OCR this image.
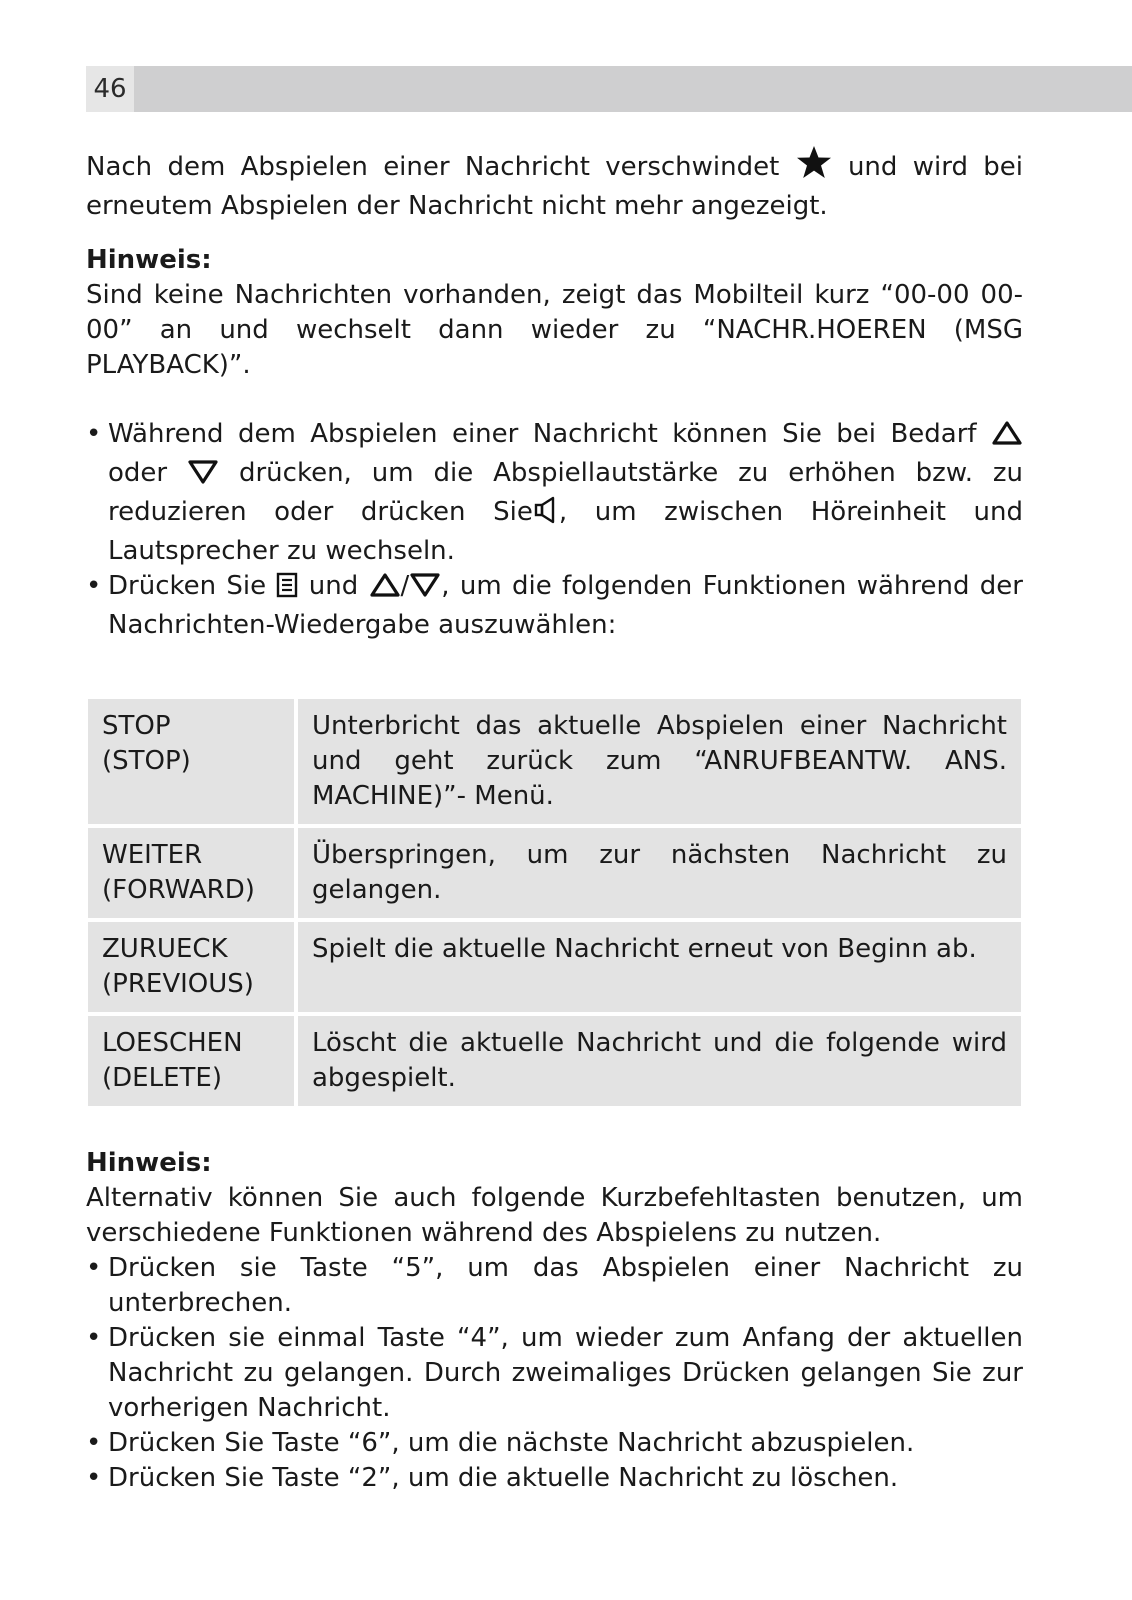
46

Nach dem Abspielen einer Nachricht verschwindet	und wird bei erneutem Abspielen der Nachricht nicht mehr angezeigt.

Hinweis:

Sind keine Nachrichten vorhanden, zeigt das Mobilteil kurz “00-00 00-00” an und wechselt dann wieder zu “NACHR.HOEREN (MSG PLAYBACK)”.

• Während dem Abspielen einer Nachricht können Sie bei Bedarf  oder	drücken, um die Abspiellautstärke zu erhöhen bzw. zu reduzieren oder drücken Sie , um zwischen Höreinheit und Lautsprecher zu wechseln.
• Drücken Sie und / , um die folgenden Funktionen während der Nachrichten-Wiedergabe auszuwählen:
STOP
(STOP)	Unterbricht das aktuelle Abspielen einer Nachricht und geht zurück zum “ANRUFBEANTW. ANS. MACHINE)”- Menü.

WEITER
(FORWARD)	Überspringen, um zur nächsten Nachricht zu gelangen.

ZURUECK
(PREVIOUS)	Spielt die aktuelle Nachricht erneut von Beginn ab.

LOESCHEN
(DELETE)	Löscht die aktuelle Nachricht und die folgende wird abgespielt.

Hinweis:

Alternativ können Sie auch folgende Kurzbefehltasten benutzen, um verschiedene Funktionen während des Abspielens zu nutzen.

• Drücken sie Taste “5”, um das Abspielen einer Nachricht zu unterbrechen.
• Drücken sie einmal Taste “4”, um wieder zum Anfang der aktuellen Nachricht zu gelangen. Durch zweimaliges Drücken gelangen Sie zur vorherigen Nachricht.
• Drücken Sie Taste “6”, um die nächste Nachricht abzuspielen.
• Drücken Sie Taste “2”, um die aktuelle Nachricht zu löschen.
